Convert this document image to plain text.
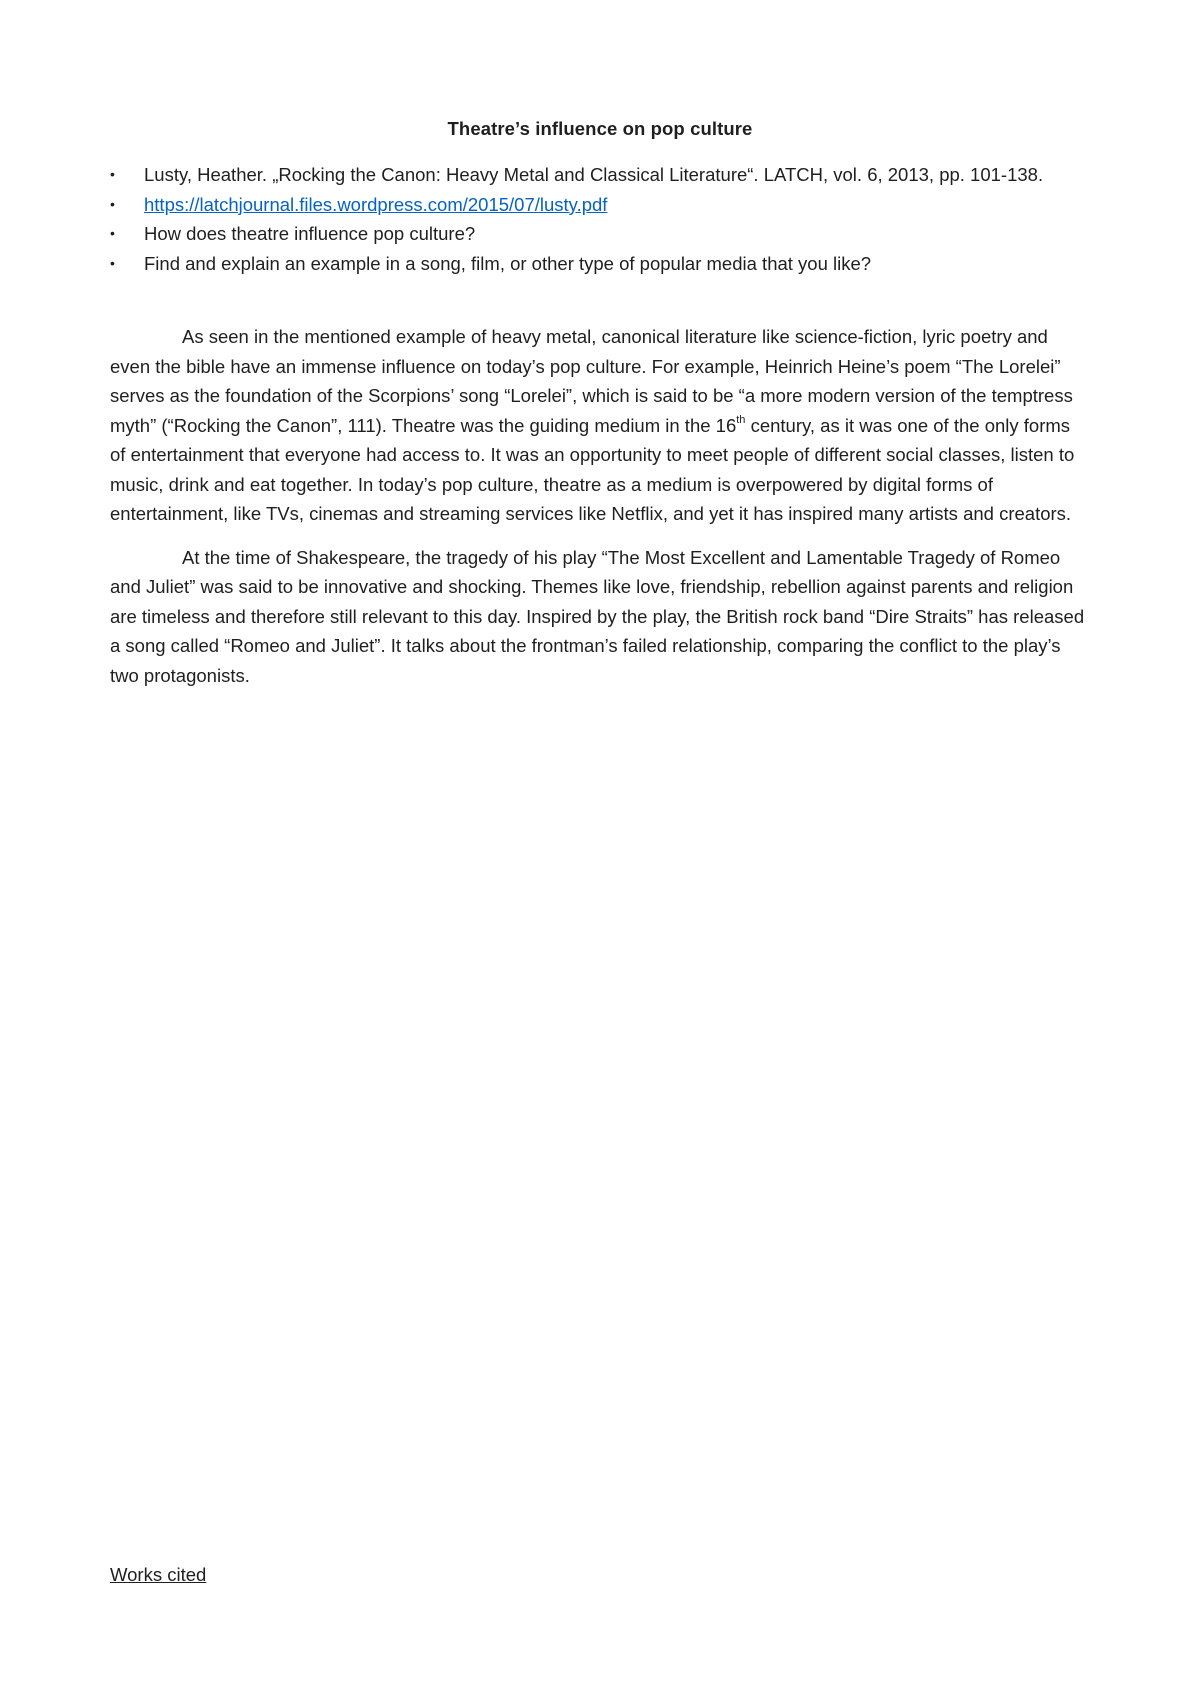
Theatre’s influence on pop culture
•	Lusty, Heather. „Rocking the Canon: Heavy Metal and Classical Literature“. LATCH, vol. 6, 2013, pp. 101-138.
•	https://latchjournal.files.wordpress.com/2015/07/lusty.pdf
•	How does theatre influence pop culture?
•	Find and explain an example in a song, film, or other type of popular media that you like?

As seen in the mentioned example of heavy metal, canonical literature like science-fiction, lyric poetry and even the bible have an immense influence on today’s pop culture. For example, Heinrich Heine’s poem “The Lorelei” serves as the foundation of the Scorpions’ song “Lorelei”, which is said to be “a more modern version of the temptress myth” (“Rocking the Canon”, 111). Theatre was the guiding medium in the 16th century, as it was one of the only forms of entertainment that everyone had access to. It was an opportunity to meet people of different social classes, listen to music, drink and eat together. In today’s pop culture, theatre as a medium is overpowered by digital forms of entertainment, like TVs, cinemas and streaming services like Netflix, and yet it has inspired many artists and creators.

At the time of Shakespeare, the tragedy of his play “The Most Excellent and Lamentable Tragedy of Romeo and Juliet” was said to be innovative and shocking. Themes like love, friendship, rebellion against parents and religion are timeless and therefore still relevant to this day. Inspired by the play, the British rock band “Dire Straits” has released a song called “Romeo and Juliet”. It talks about the frontman’s failed relationship, comparing the conflict to the play’s two protagonists.

Works cited
